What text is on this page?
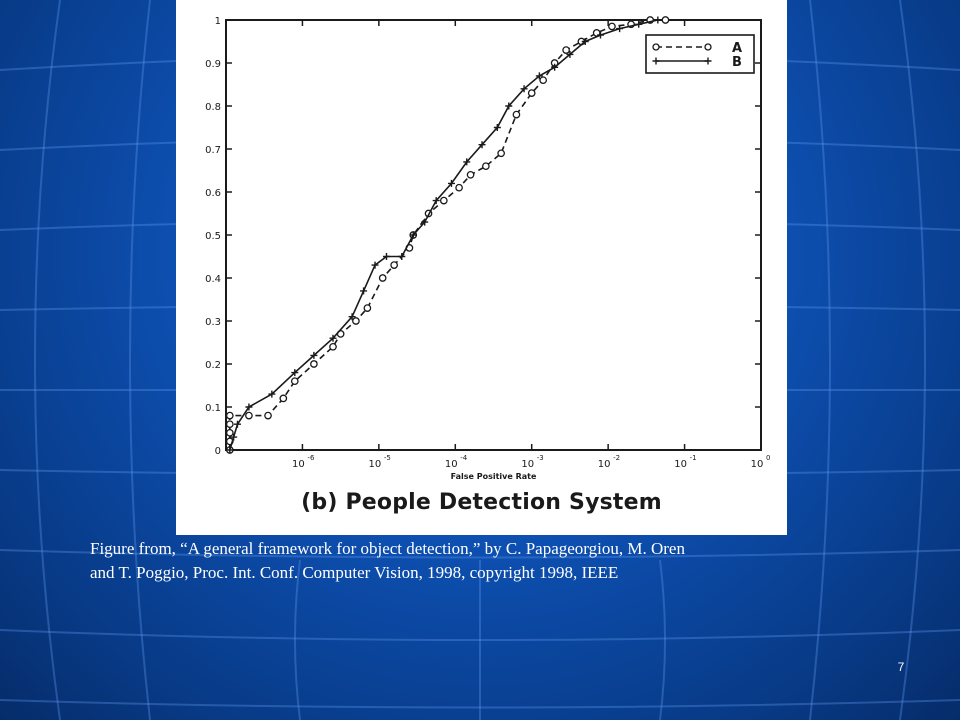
0
0.1
0.2
0.3
0.4
0.5
0.6
0.7
0.8
0.9
1
10
-6
10
-5
10
-4
10
-3
10
-2
10
-1
10
0
False Positive Rate
A
B
(b) People Detection System
Figure from, “A general framework for object detection,” by C. Papageorgiou, M. Oren
and T. Poggio, Proc. Int. Conf. Computer Vision, 1998, copyright 1998, IEEE
7
